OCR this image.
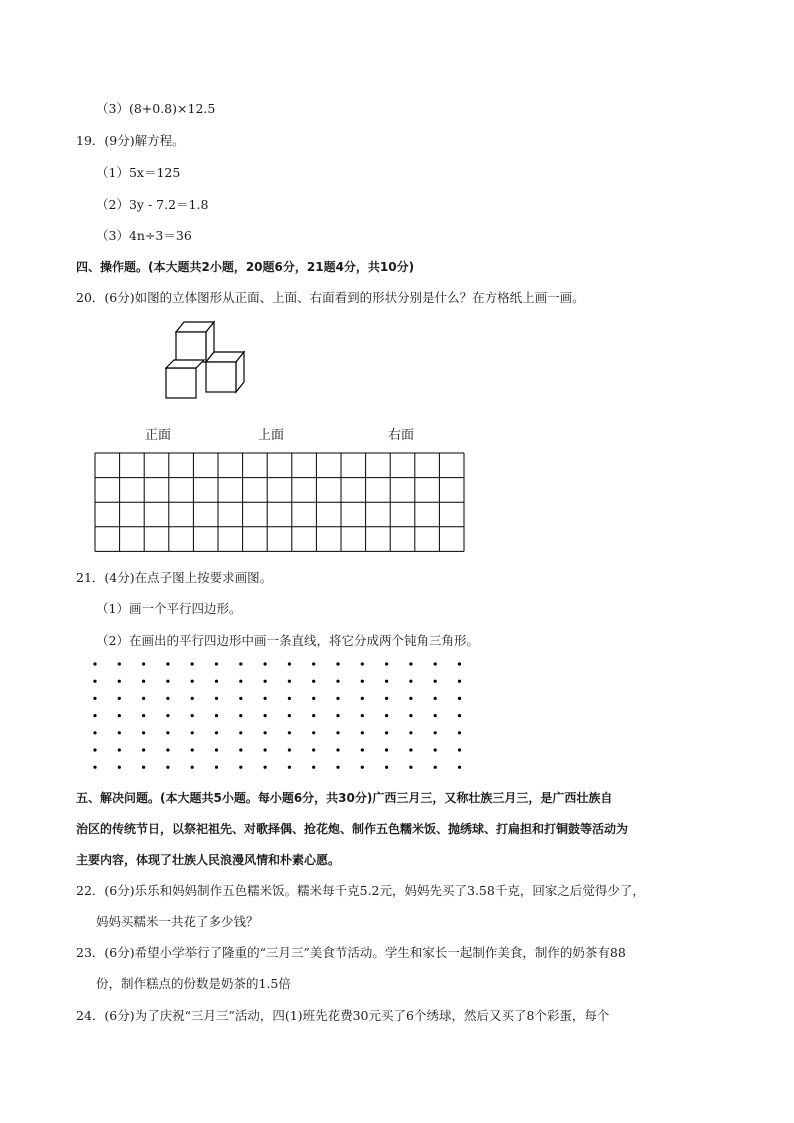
（3）(8+0.8)×12.5
19．(9分)解方程。
（1）5x＝125
（2）3y - 7.2＝1.8
（3）4n÷3＝36
四、操作题。(本大题共2小题，20题6分，21题4分，共10分)
20．(6分)如图的立体图形从正面、上面、右面看到的形状分别是什么？在方格纸上画一画。
正面	上面	右面
21．(4分)在点子图上按要求画图。
（1）画一个平行四边形。
（2）在画出的平行四边形中画一条直线，将它分成两个钝角三角形。
五、解决问题。(本大题共5小题。每小题6分，共30分)广西三月三，又称壮族三月三，是广西壮族自
治区的传统节日，以祭祀祖先、对歌择偶、抢花炮、制作五色糯米饭、抛绣球、打扁担和打铜鼓等活动为
主要内容，体现了壮族人民浪漫风情和朴素心愿。
22．(6分)乐乐和妈妈制作五色糯米饭。糯米每千克5.2元，妈妈先买了3.58千克，回家之后觉得少了，
妈妈买糯米一共花了多少钱？
23．(6分)希望小学举行了隆重的“三月三”美食节活动。学生和家长一起制作美食，制作的奶茶有88
份，制作糕点的份数是奶茶的1.5倍
24．(6分)为了庆祝“三月三”活动，四(1)班先花费30元买了6个绣球，然后又买了8个彩蛋，每个
